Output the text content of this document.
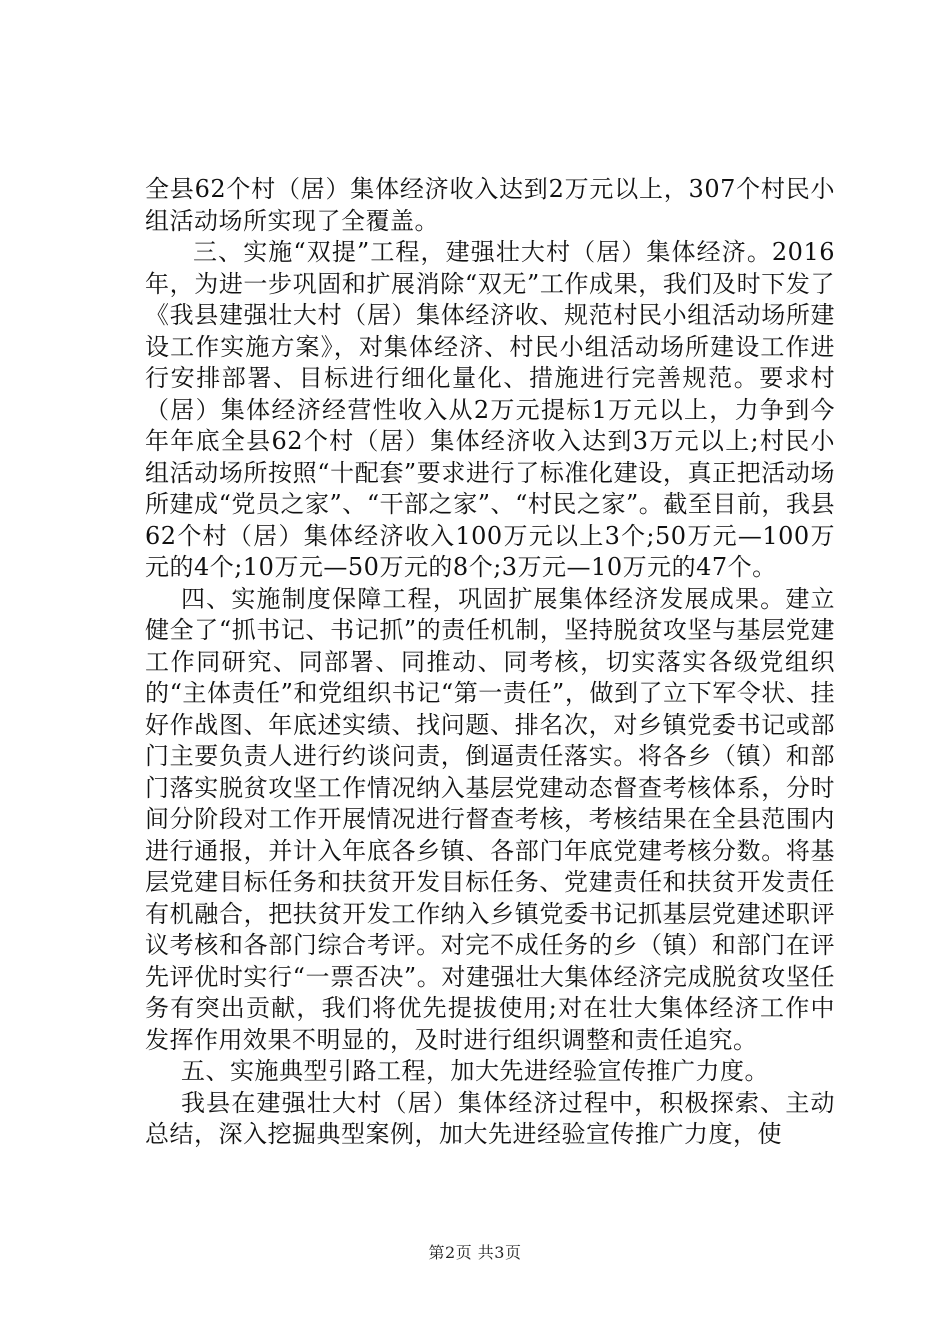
全县62个村（居）集体经济收入达到2万元以上，307个村民小组活动场所实现了全覆盖。

三、实施“双提”工程，建强壮大村（居）集体经济。2016年，为进一步巩固和扩展消除“双无”工作成果，我们及时下发了《我县建强壮大村（居）集体经济收、规范村民小组活动场所建设工作实施方案》，对集体经济、村民小组活动场所建设工作进行安排部署、目标进行细化量化、措施进行完善规范。要求村（居）集体经济经营性收入从2万元提标1万元以上，力争到今年年底全县62个村（居）集体经济收入达到3万元以上;村民小组活动场所按照“十配套”要求进行了标准化建设，真正把活动场所建成“党员之家”、“干部之家”、“村民之家”。截至目前，我县62个村（居）集体经济收入100万元以上3个;50万元—100万元的4个;10万元—50万元的8个;3万元—10万元的47个。

四、实施制度保障工程，巩固扩展集体经济发展成果。建立健全了“抓书记、书记抓”的责任机制，坚持脱贫攻坚与基层党建工作同研究、同部署、同推动、同考核，切实落实各级党组织的“主体责任”和党组织书记“第一责任”，做到了立下军令状、挂好作战图、年底述实绩、找问题、排名次，对乡镇党委书记或部门主要负责人进行约谈问责，倒逼责任落实。将各乡（镇）和部门落实脱贫攻坚工作情况纳入基层党建动态督查考核体系，分时间分阶段对工作开展情况进行督查考核，考核结果在全县范围内进行通报，并计入年底各乡镇、各部门年底党建考核分数。将基层党建目标任务和扶贫开发目标任务、党建责任和扶贫开发责任有机融合，把扶贫开发工作纳入乡镇党委书记抓基层党建述职评议考核和各部门综合考评。对完不成任务的乡（镇）和部门在评先评优时实行“一票否决”。对建强壮大集体经济完成脱贫攻坚任务有突出贡献，我们将优先提拔使用;对在壮大集体经济工作中发挥作用效果不明显的，及时进行组织调整和责任追究。

五、实施典型引路工程，加大先进经验宣传推广力度。

我县在建强壮大村（居）集体经济过程中，积极探索、主动总结，深入挖掘典型案例，加大先进经验宣传推广力度，使

第2页 共3页
